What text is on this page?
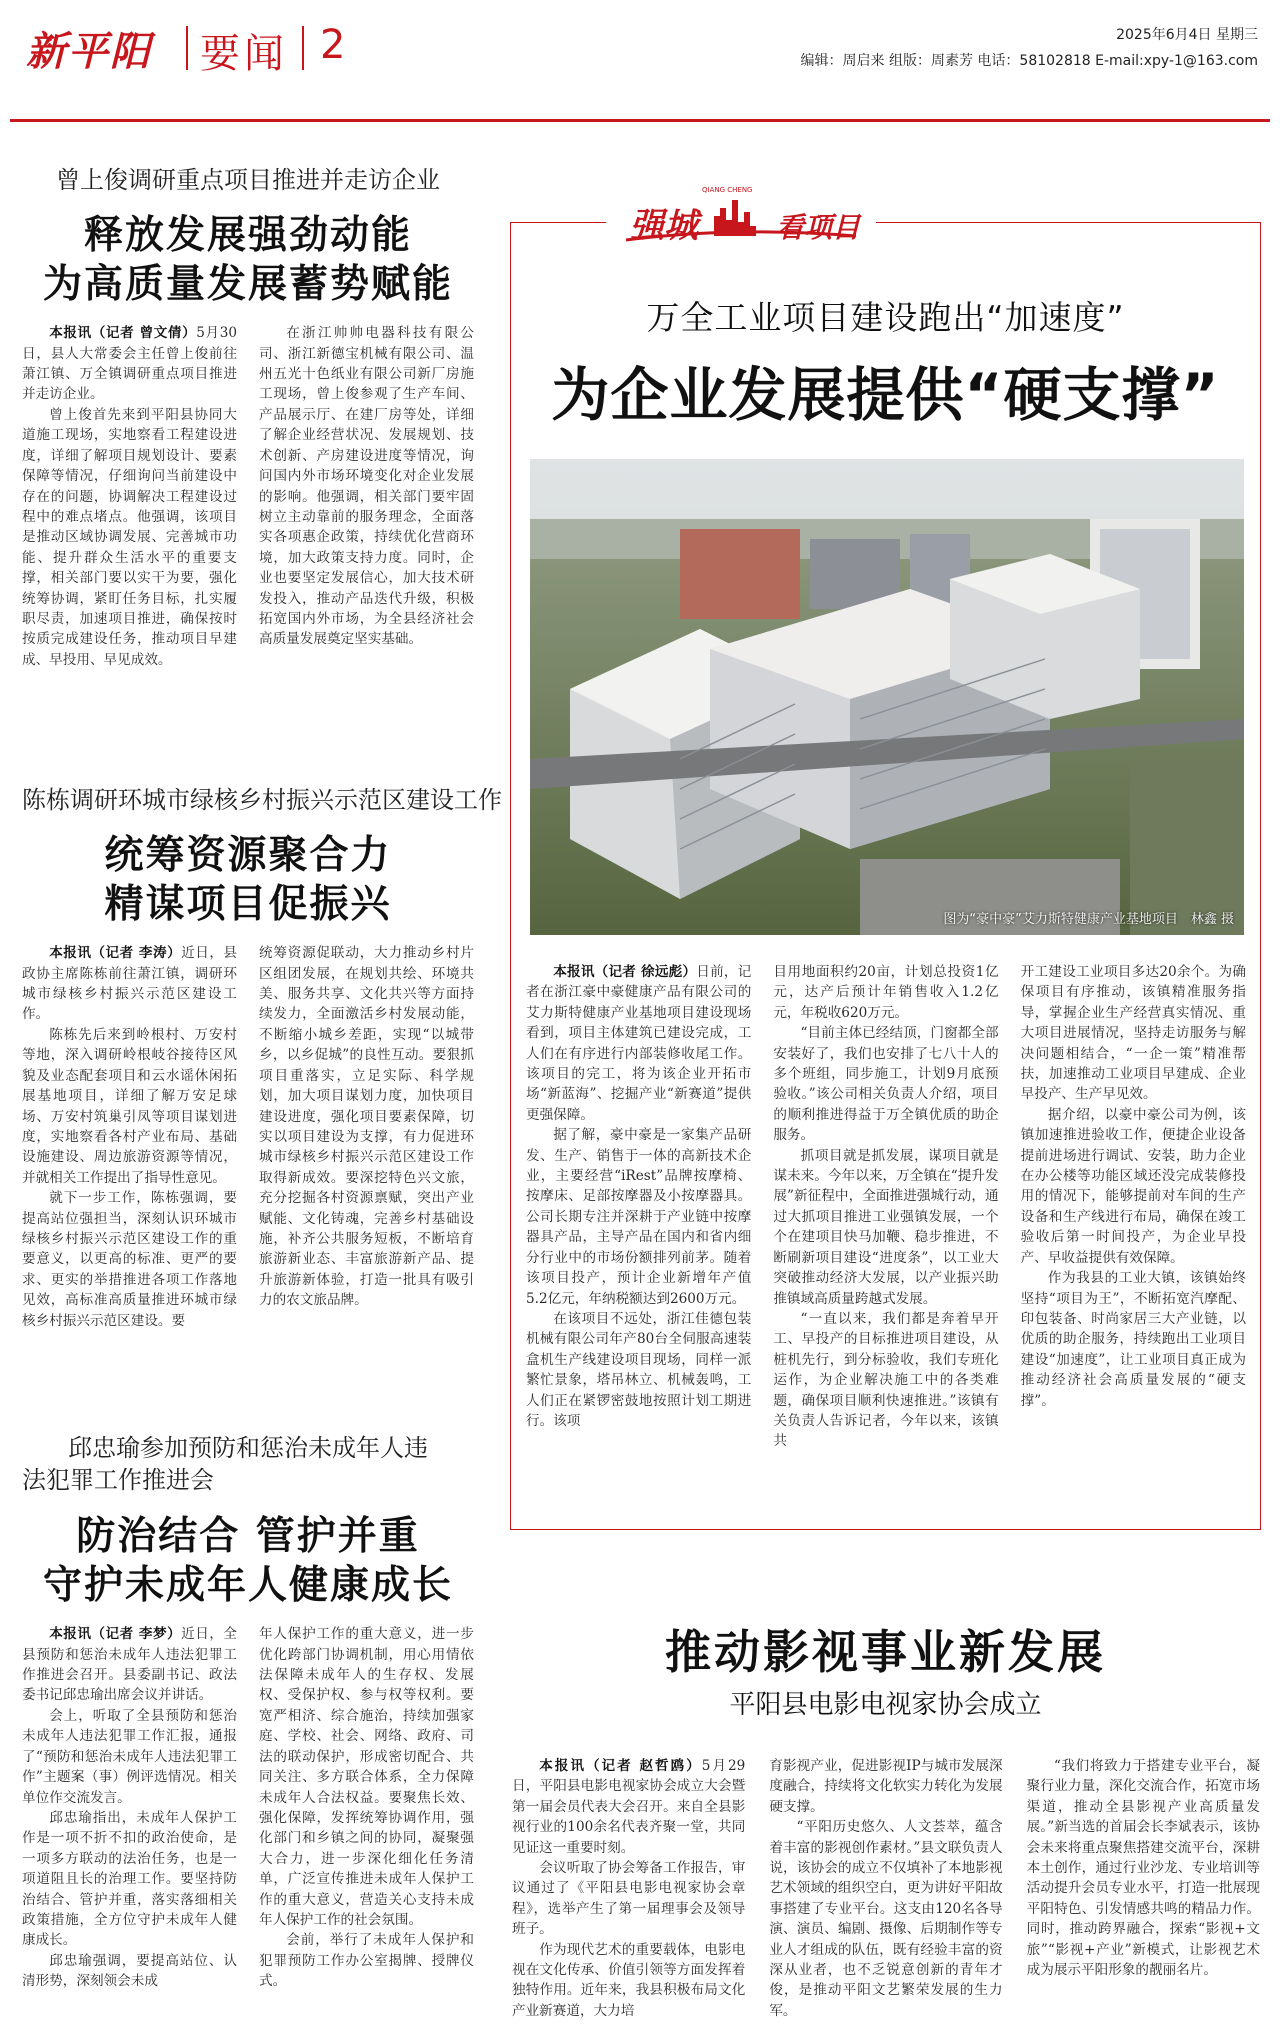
新平阳 要闻 2	2025年6月4日 星期三
编辑：周启来 组版：周素芳 电话：58102818 E-mail:xpy-1@163.com
曾上俊调研重点项目推进并走访企业
释放发展强劲动能
为高质量发展蓄势赋能

本报讯（记者 曾文倩）5月30日，县人大常委会主任曾上俊前往萧江镇、万全镇调研重点项目推进并走访企业。

曾上俊首先来到平阳县协同大道施工现场，实地察看工程建设进度，详细了解项目规划设计、要素保障等情况，仔细询问当前建设中存在的问题，协调解决工程建设过程中的难点堵点。他强调，该项目是推动区域协调发展、完善城市功能、提升群众生活水平的重要支撑，相关部门要以实干为要，强化统筹协调，紧盯任务目标，扎实履职尽责，加速项目推进，确保按时按质完成建设任务，推动项目早建成、早投用、早见成效。

在浙江帅帅电器科技有限公司、浙江新德宝机械有限公司、温州五光十色纸业有限公司新厂房施工现场，曾上俊参观了生产车间、产品展示厅、在建厂房等处，详细了解企业经营状况、发展规划、技术创新、产房建设进度等情况，询问国内外市场环境变化对企业发展的影响。他强调，相关部门要牢固树立主动靠前的服务理念，全面落实各项惠企政策，持续优化营商环境，加大政策支持力度。同时，企业也要坚定发展信心，加大技术研发投入，推动产品迭代升级，积极拓宽国内外市场，为全县经济社会高质量发展奠定坚实基础。

陈栋调研环城市绿核乡村振兴示范区建设工作
统筹资源聚合力
精谋项目促振兴

本报讯（记者 李涛）近日，县政协主席陈栋前往萧江镇，调研环城市绿核乡村振兴示范区建设工作。

陈栋先后来到岭根村、万安村等地，深入调研岭根岐谷接待区风貌及业态配套项目和云水谣休闲拓展基地项目，详细了解万安足球场、万安村筑巢引凤等项目谋划进度，实地察看各村产业布局、基础设施建设、周边旅游资源等情况，并就相关工作提出了指导性意见。

就下一步工作，陈栋强调，要提高站位强担当，深刻认识环城市绿核乡村振兴示范区建设工作的重要意义，以更高的标准、更严的要求、更实的举措推进各项工作落地见效，高标准高质量推进环城市绿核乡村振兴示范区建设。要

统筹资源促联动，大力推动乡村片区组团发展，在规划共绘、环境共美、服务共享、文化共兴等方面持续发力，全面激活乡村发展动能，不断缩小城乡差距，实现“以城带乡，以乡促城”的良性互动。要狠抓项目重落实，立足实际、科学规划，加大项目谋划力度，加快项目建设进度，强化项目要素保障，切实以项目建设为支撑，有力促进环城市绿核乡村振兴示范区建设工作取得新成效。要深挖特色兴文旅，充分挖掘各村资源禀赋，突出产业赋能、文化铸魂，完善乡村基础设施，补齐公共服务短板，不断培育旅游新业态、丰富旅游新产品、提升旅游新体验，打造一批具有吸引力的农文旅品牌。

邱忠瑜参加预防和惩治未成年人违
法犯罪工作推进会
防治结合 管护并重
守护未成年人健康成长

本报讯（记者 李梦）近日，全县预防和惩治未成年人违法犯罪工作推进会召开。县委副书记、政法委书记邱忠瑜出席会议并讲话。

会上，听取了全县预防和惩治未成年人违法犯罪工作汇报，通报了“预防和惩治未成年人违法犯罪工作”主题案（事）例评选情况。相关单位作交流发言。

邱忠瑜指出，未成年人保护工作是一项不折不扣的政治使命，是一项多方联动的法治任务，也是一项道阻且长的治理工作。要坚持防治结合、管护并重，落实落细相关政策措施，全方位守护未成年人健康成长。

邱忠瑜强调，要提高站位、认清形势，深刻领会未成

年人保护工作的重大意义，进一步优化跨部门协调机制，用心用情依法保障未成年人的生存权、发展权、受保护权、参与权等权利。要宽严相济、综合施治，持续加强家庭、学校、社会、网络、政府、司法的联动保护，形成密切配合、共同关注、多方联合体系，全力保障未成年人合法权益。要聚焦长效、强化保障，发挥统筹协调作用，强化部门和乡镇之间的协同，凝聚强大合力，进一步深化细化任务清单，广泛宣传推进未成年人保护工作的重大意义，营造关心支持未成年人保护工作的社会氛围。

会前，举行了未成年人保护和犯罪预防工作办公室揭牌、授牌仪式。

QIANG CHENG
强城	看项目
万全工业项目建设跑出“加速度”
为企业发展提供“硬支撑”
图为“豪中豪”艾力斯特健康产业基地项目　林鑫 摄

本报讯（记者 徐远彪）日前，记者在浙江豪中豪健康产品有限公司的艾力斯特健康产业基地项目建设现场看到，项目主体建筑已建设完成，工人们在有序进行内部装修收尾工作。该项目的完工，将为该企业开拓市场“新蓝海”、挖掘产业“新赛道”提供更强保障。

据了解，豪中豪是一家集产品研发、生产、销售于一体的高新技术企业，主要经营“iRest”品牌按摩椅、按摩床、足部按摩器及小按摩器具。公司长期专注并深耕于产业链中按摩器具产品，主导产品在国内和省内细分行业中的市场份额排列前茅。随着该项目投产，预计企业新增年产值5.2亿元，年纳税额达到2600万元。

在该项目不远处，浙江佳德包装机械有限公司年产80台全伺服高速装盒机生产线建设项目现场，同样一派繁忙景象，塔吊林立、机械轰鸣，工人们正在紧锣密鼓地按照计划工期进行。该项

目用地面积约20亩，计划总投资1亿元，达产后预计年销售收入1.2亿元，年税收620万元。

“目前主体已经结顶，门窗都全部安装好了，我们也安排了七八十人的多个班组，同步施工，计划9月底预验收。”该公司相关负责人介绍，项目的顺利推进得益于万全镇优质的助企服务。

抓项目就是抓发展，谋项目就是谋未来。今年以来，万全镇在“提升发展”新征程中，全面推进强城行动，通过大抓项目推进工业强镇发展，一个个在建项目快马加鞭、稳步推进，不断刷新项目建设“进度条”，以工业大突破推动经济大发展，以产业振兴助推镇域高质量跨越式发展。

“一直以来，我们都是奔着早开工、早投产的目标推进项目建设，从桩机先行，到分标验收，我们专班化运作，为企业解决施工中的各类难题，确保项目顺利快速推进。”该镇有关负责人告诉记者，今年以来，该镇共

开工建设工业项目多达20余个。为确保项目有序推动，该镇精准服务指导，掌握企业生产经营真实情况、重大项目进展情况，坚持走访服务与解决问题相结合，“一企一策”精准帮扶，加速推动工业项目早建成、企业早投产、生产早见效。

据介绍，以豪中豪公司为例，该镇加速推进验收工作，便捷企业设备提前进场进行调试、安装，助力企业在办公楼等功能区域还没完成装修投用的情况下，能够提前对车间的生产设备和生产线进行布局，确保在竣工验收后第一时间投产，为企业早投产、早收益提供有效保障。

作为我县的工业大镇，该镇始终坚持“项目为王”，不断拓宽汽摩配、印包装备、时尚家居三大产业链，以优质的助企服务，持续跑出工业项目建设“加速度”，让工业项目真正成为推动经济社会高质量发展的“硬支撑”。

推动影视事业新发展
平阳县电影电视家协会成立

本报讯（记者 赵哲鸥）5月29日，平阳县电影电视家协会成立大会暨第一届会员代表大会召开。来自全县影视行业的100余名代表齐聚一堂，共同见证这一重要时刻。

会议听取了协会筹备工作报告，审议通过了《平阳县电影电视家协会章程》，选举产生了第一届理事会及领导班子。

作为现代艺术的重要载体，电影电视在文化传承、价值引领等方面发挥着独特作用。近年来，我县积极布局文化产业新赛道，大力培

育影视产业，促进影视IP与城市发展深度融合，持续将文化软实力转化为发展硬支撑。

“平阳历史悠久、人文荟萃，蕴含着丰富的影视创作素材。”县文联负责人说，该协会的成立不仅填补了本地影视艺术领域的组织空白，更为讲好平阳故事搭建了专业平台。这支由120名各导演、演员、编剧、摄像、后期制作等专业人才组成的队伍，既有经验丰富的资深从业者，也不乏锐意创新的青年才俊，是推动平阳文艺繁荣发展的生力军。

“我们将致力于搭建专业平台，凝聚行业力量，深化交流合作，拓宽市场渠道，推动全县影视产业高质量发展。”新当选的首届会长李斌表示，该协会未来将重点聚焦搭建交流平台，深耕本土创作，通过行业沙龙、专业培训等活动提升会员专业水平，打造一批展现平阳特色、引发情感共鸣的精品力作。同时，推动跨界融合，探索“影视+文旅”“影视+产业”新模式，让影视艺术成为展示平阳形象的靓丽名片。
